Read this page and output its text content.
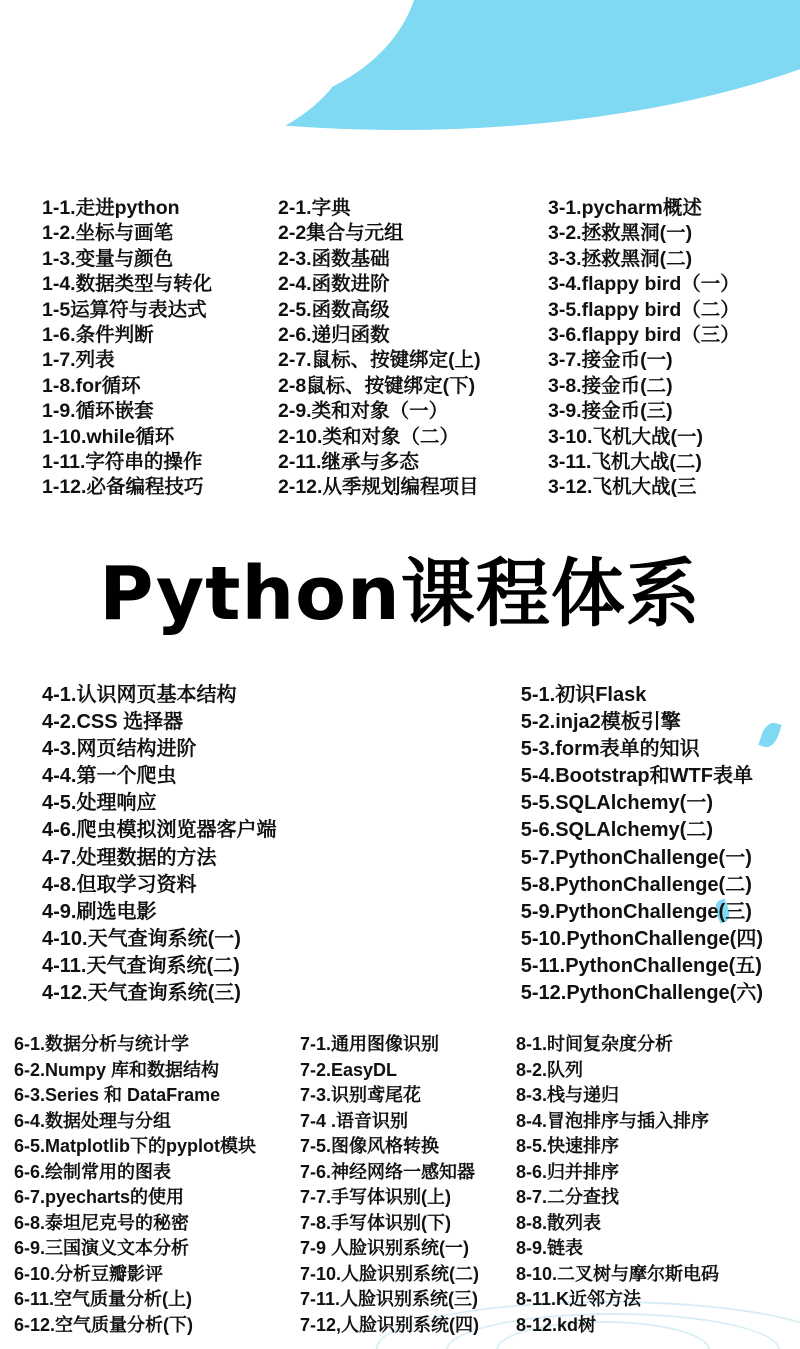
1-1.走进python
1-2.坐标与画笔
1-3.变量与颜色
1-4.数据类型与转化
1-5运算符与表达式
1-6.条件判断
1-7.列表
1-8.for循环
1-9.循环嵌套
1-10.while循环
1-11.字符串的操作
1-12.必备编程技巧
2-1.字典
2-2集合与元组
2-3.函数基础
2-4.函数进阶
2-5.函数高级
2-6.递归函数
2-7.鼠标、按键绑定(上)
2-8鼠标、按键绑定(下)
2-9.类和对象（一）
2-10.类和对象（二）
2-11.继承与多态
2-12.从季规划编程项目
3-1.pycharm概述
3-2.拯救黑洞(一)
3-3.拯救黑洞(二)
3-4.flappy bird（一）
3-5.flappy bird（二）
3-6.flappy bird（三）
3-7.接金币(一)
3-8.接金币(二)
3-9.接金币(三)
3-10.飞机大战(一)
3-11.飞机大战(二)
3-12.飞机大战(三
Python课程体系
4-1.认识网页基本结构
4-2.CSS 选择器
4-3.网页结构进阶
4-4.第一个爬虫
4-5.处理响应
4-6.爬虫模拟浏览器客户端
4-7.处理数据的方法
4-8.但取学习资料
4-9.刷选电影
4-10.天气查询系统(一)
4-11.天气查询系统(二)
4-12.天气查询系统(三)
5-1.初识Flask
5-2.inja2模板引擎
5-3.form表单的知识
5-4.Bootstrap和WTF表单
5-5.SQLAlchemy(一)
5-6.SQLAlchemy(二)
5-7.PythonChallenge(一)
5-8.PythonChallenge(二)
5-9.PythonChallenge(三)
5-10.PythonChallenge(四)
5-11.PythonChallenge(五)
5-12.PythonChallenge(六)
6-1.数据分析与统计学
6-2.Numpy 库和数据结构
6-3.Series 和 DataFrame
6-4.数据处理与分组
6-5.Matplotlib下的pyplot模块
6-6.绘制常用的图表
6-7.pyecharts的使用
6-8.泰坦尼克号的秘密
6-9.三国演义文本分析
6-10.分析豆瓣影评
6-11.空气质量分析(上)
6-12.空气质量分析(下)
7-1.通用图像识别
7-2.EasyDL
7-3.识别鸢尾花
7-4 .语音识别
7-5.图像风格转换
7-6.神经网络一感知器
7-7.手写体识别(上)
7-8.手写体识别(下)
7-9 人脸识别系统(一)
7-10.人脸识别系统(二)
7-11.人脸识别系统(三)
7-12,人脸识别系统(四)
8-1.时间复杂度分析
8-2.队列
8-3.栈与递归
8-4.冒泡排序与插入排序
8-5.快速排序
8-6.归并排序
8-7.二分查找
8-8.散列表
8-9.链表
8-10.二叉树与摩尔斯电码
8-11.K近邻方法
8-12.kd树
